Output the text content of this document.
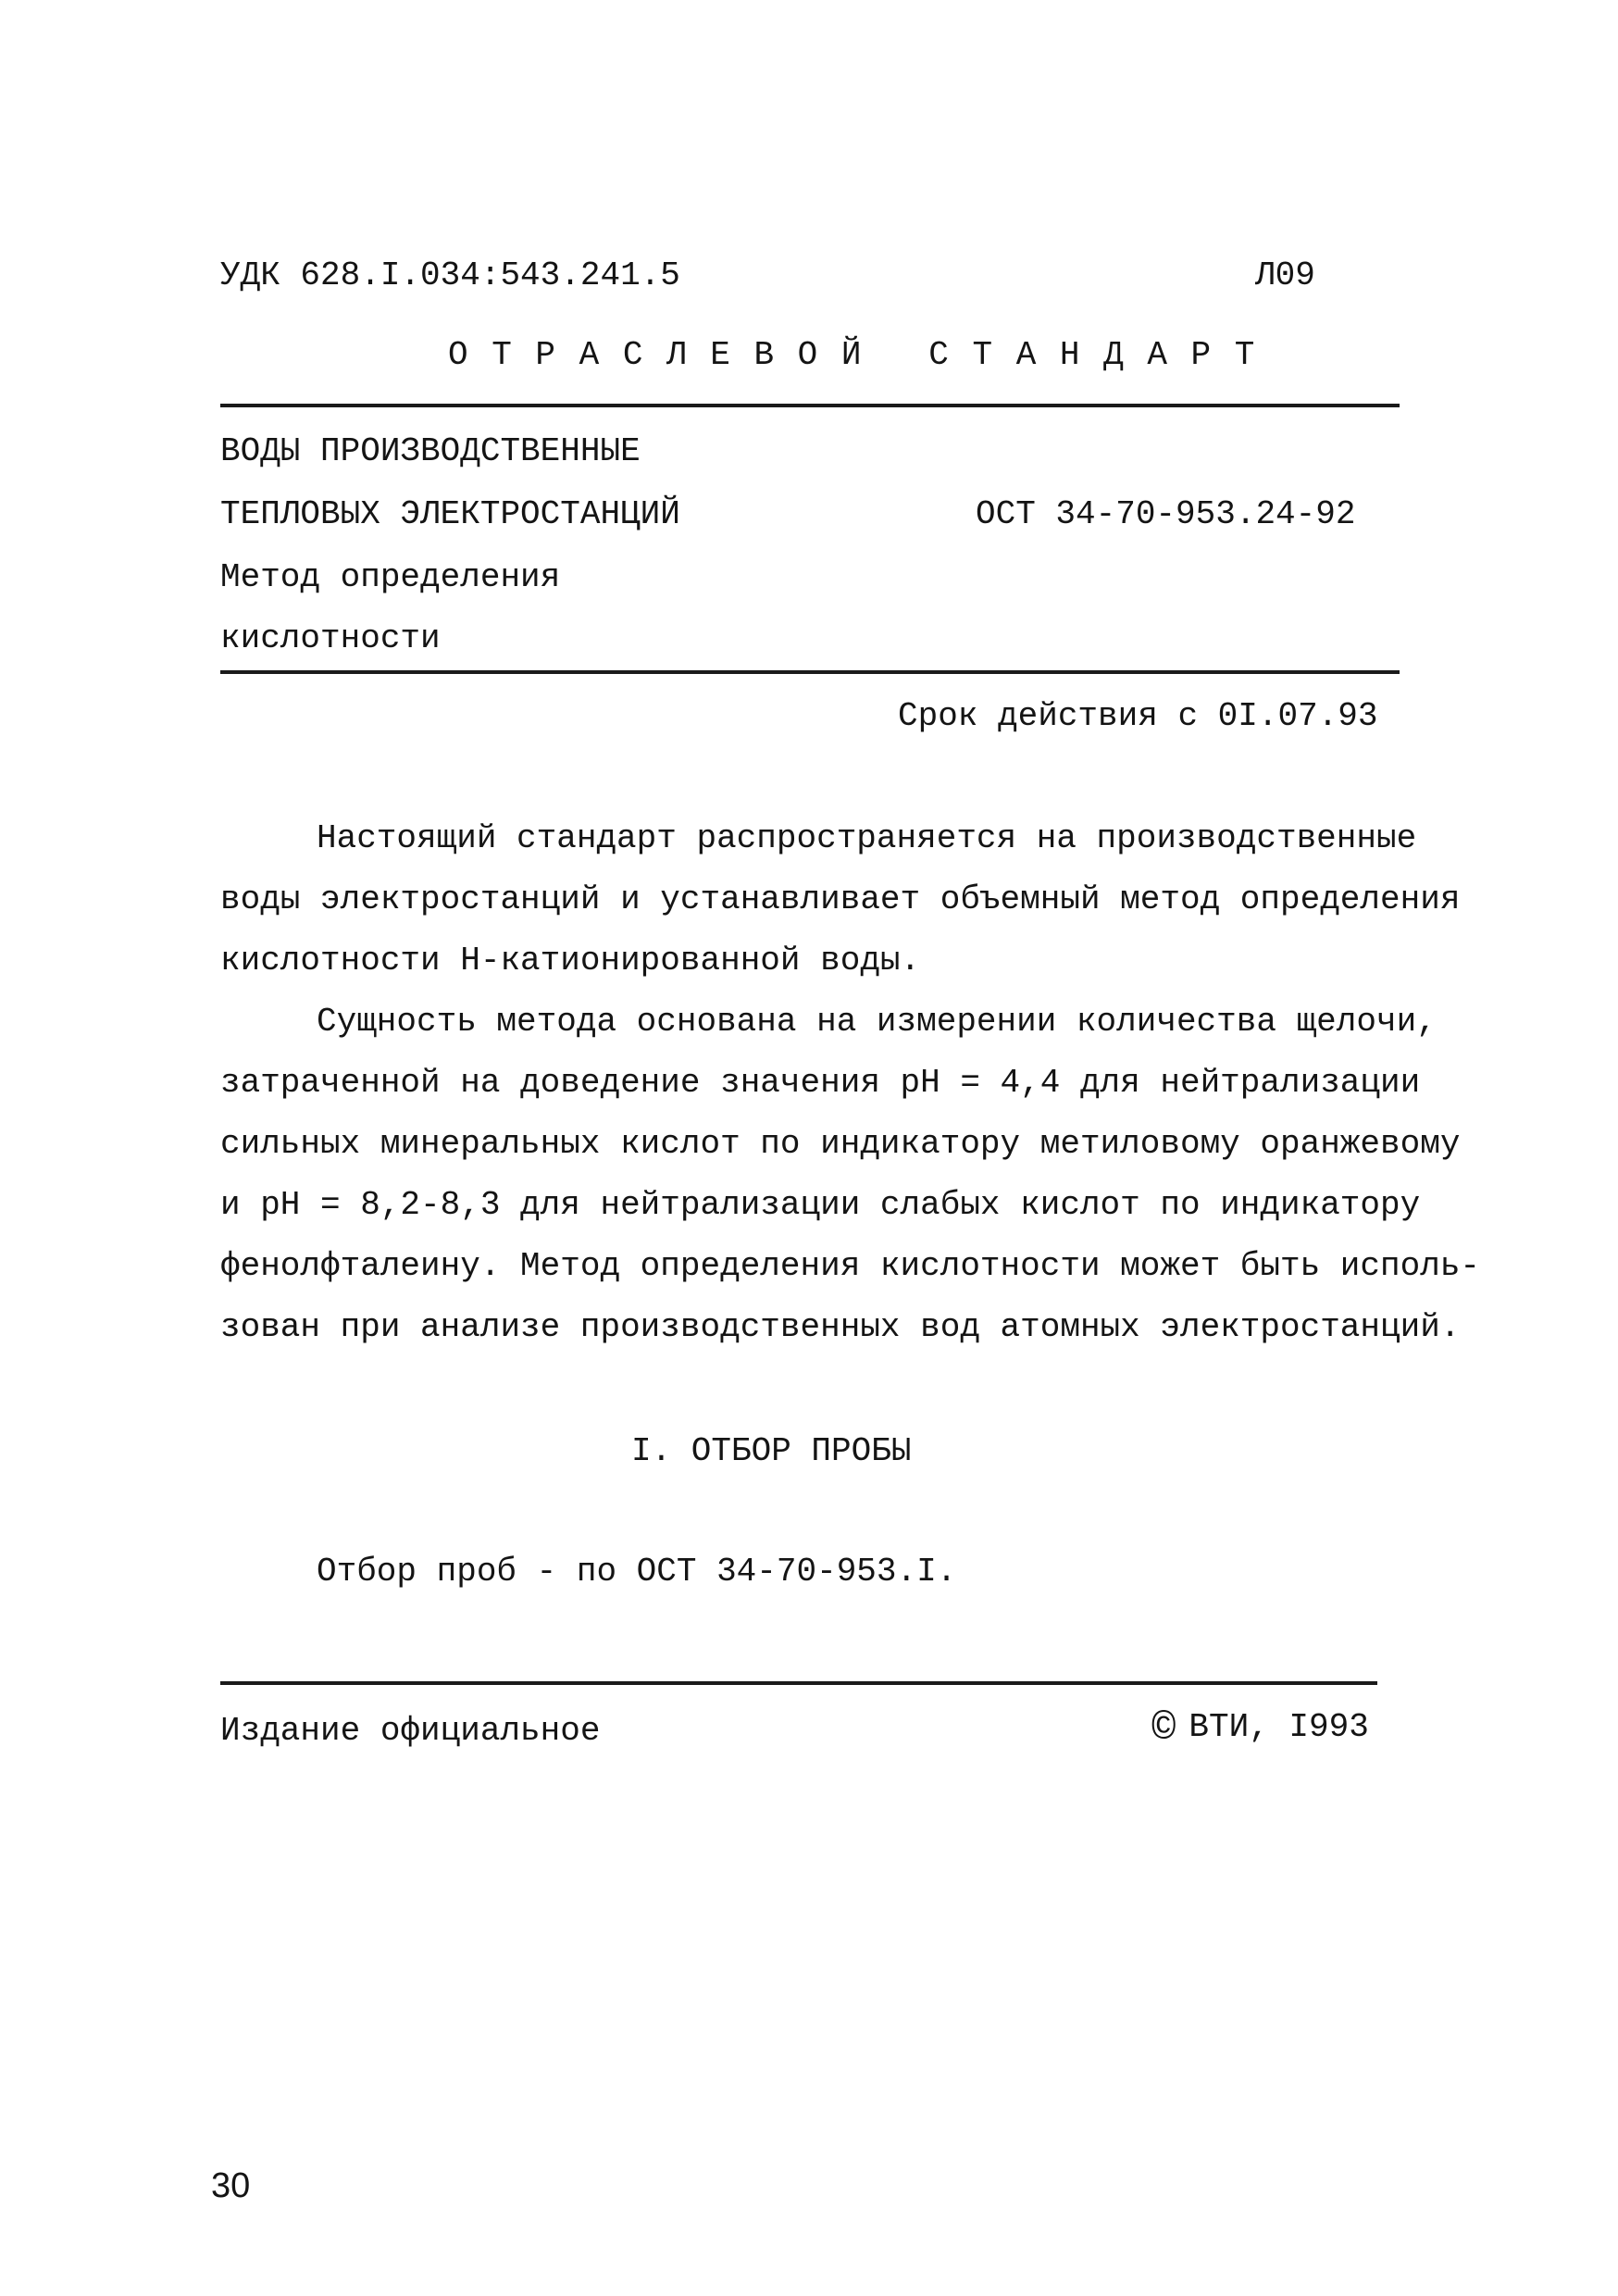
УДК 628.I.034:543.241.5	Л09
О Т Р А С Л Е В О Й   С Т А Н Д А Р Т
ВОДЫ ПРОИЗВОДСТВЕННЫЕ
ТЕПЛОВЫХ ЭЛЕКТРОСТАНЦИЙ	ОСТ 34-70-953.24-92
Метод определения
кислотности
Срок действия с 0I.07.93
Настоящий стандарт распространяется на производственные
воды электростанций и устанавливает объемный метод определения
кислотности Н-катионированной воды.
Сущность метода основана на измерении количества щелочи,
затраченной на доведение значения pH = 4,4 для нейтрализации
сильных минеральных кислот по индикатору метиловому оранжевому
и pH = 8,2-8,3 для нейтрализации слабых кислот по индикатору
фенолфталеину. Метод определения кислотности может быть исполь-
зован при анализе производственных вод атомных электростанций.
I. ОТБОР ПРОБЫ
Отбор проб - по ОСТ 34-70-953.I.
Издание официальное	© ВТИ, I993
30
